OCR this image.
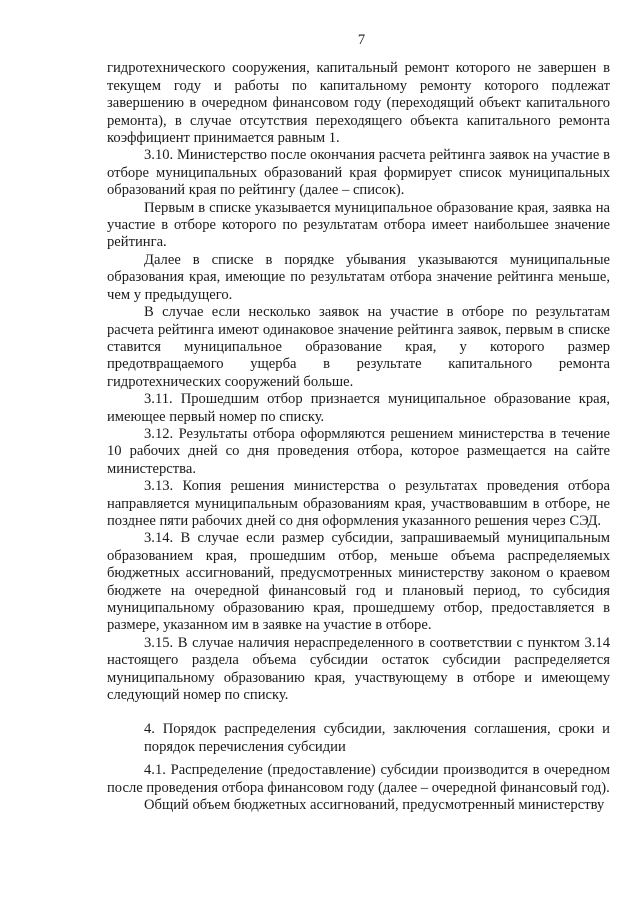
7

гидротехнического сооружения, капитальный ремонт которого не завершен в текущем году и работы по капитальному ремонту которого подлежат завершению в очередном финансовом году (переходящий объект капитального ремонта), в случае отсутствия переходящего объекта капитального ремонта коэффициент принимается равным 1.

3.10. Министерство после окончания расчета рейтинга заявок на участие в отборе муниципальных образований края формирует список муниципальных образований края по рейтингу (далее – список).

Первым в списке указывается муниципальное образование края, заявка на участие в отборе которого по результатам отбора имеет наибольшее значение рейтинга.

Далее в списке в порядке убывания указываются муниципальные образования края, имеющие по результатам отбора значение рейтинга меньше, чем у предыдущего.

В случае если несколько заявок на участие в отборе по результатам расчета рейтинга имеют одинаковое значение рейтинга заявок, первым в списке ставится муниципальное образование края, у которого размер предотвращаемого ущерба в результате капитального ремонта гидротехнических сооружений больше.

3.11. Прошедшим отбор признается муниципальное образование края, имеющее первый номер по списку.

3.12. Результаты отбора оформляются решением министерства в течение 10 рабочих дней со дня проведения отбора, которое размещается на сайте министерства.

3.13. Копия решения министерства о результатах проведения отбора направляется муниципальным образованиям края, участвовавшим в отборе, не позднее пяти рабочих дней со дня оформления указанного решения через СЭД.

3.14. В случае если размер субсидии, запрашиваемый муниципальным образованием края, прошедшим отбор, меньше объема распределяемых бюджетных ассигнований, предусмотренных министерству законом о краевом бюджете на очередной финансовый год и плановый период, то субсидия муниципальному образованию края, прошедшему отбор, предоставляется в размере, указанном им в заявке на участие в отборе.

3.15. В случае наличия нераспределенного в соответствии с пунктом 3.14 настоящего раздела объема субсидии остаток субсидии распределяется муниципальному образованию края, участвующему в отборе и имеющему следующий номер по списку.

4. Порядок распределения субсидии, заключения соглашения, сроки и порядок перечисления субсидии

4.1. Распределение (предоставление) субсидии производится в очередном после проведения отбора финансовом году (далее – очередной финансовый год).

Общий объем бюджетных ассигнований, предусмотренный министерству
